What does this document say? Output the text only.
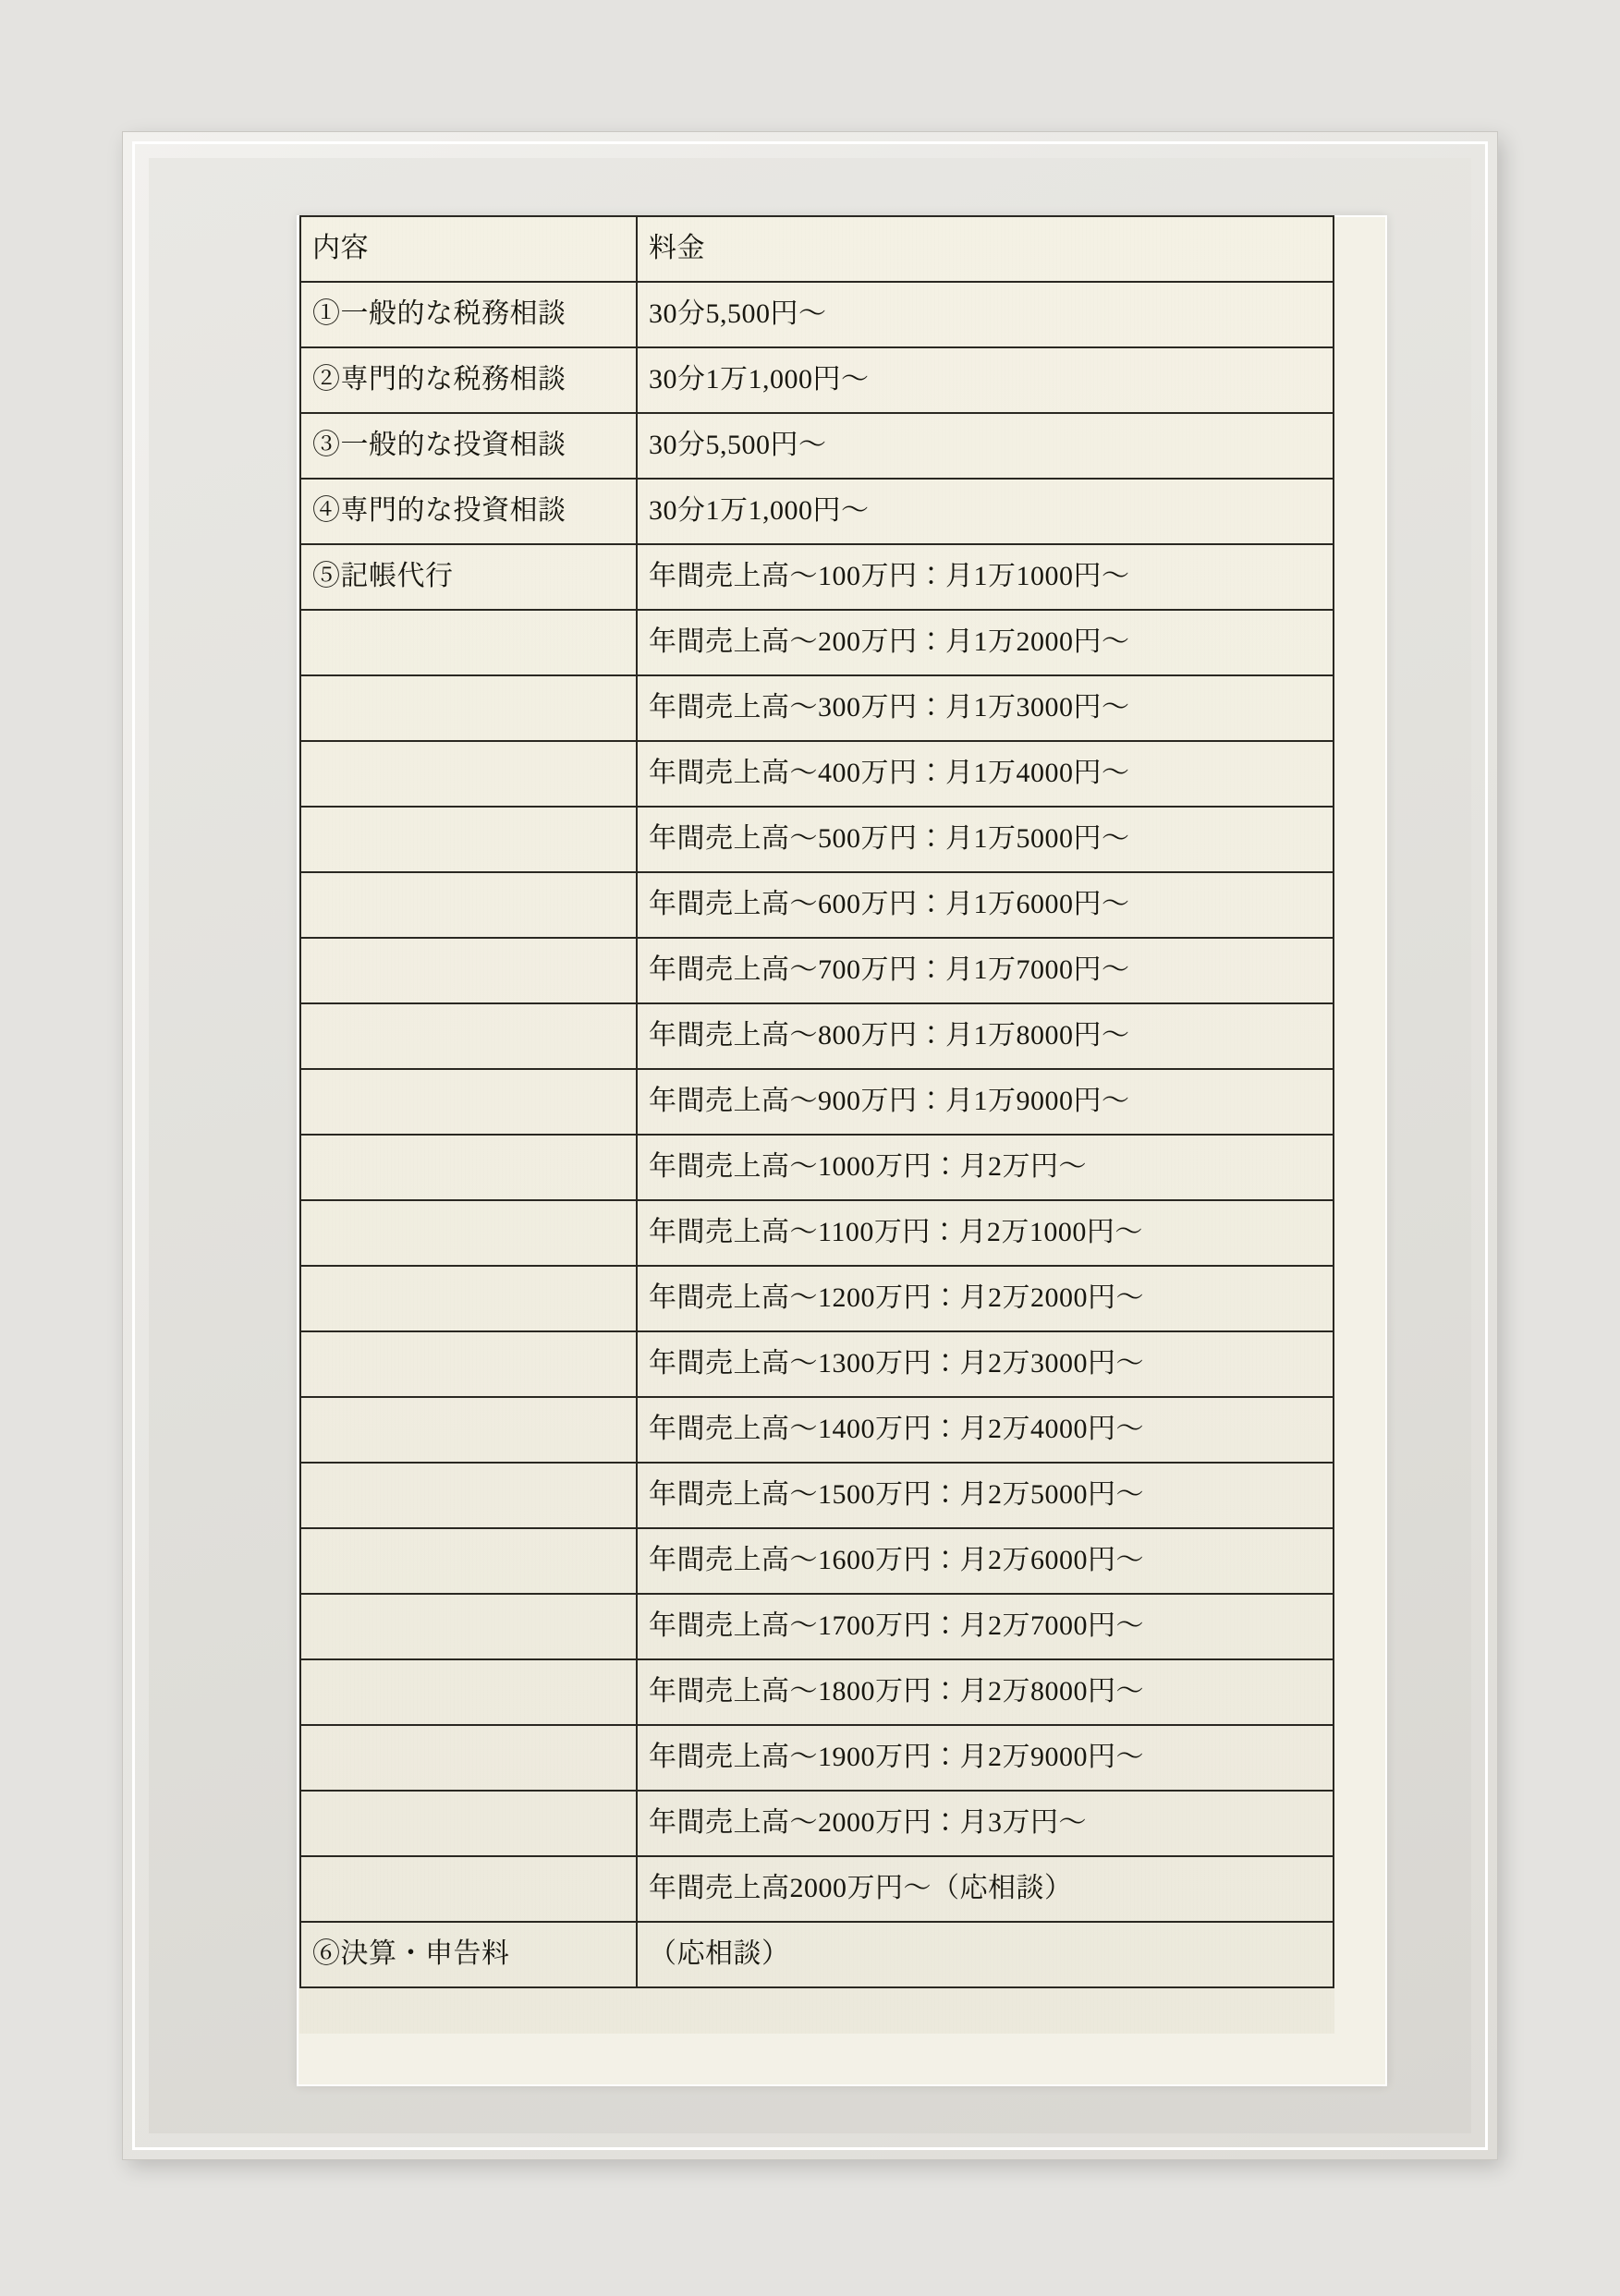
内容	料金
①一般的な税務相談	30分5,500円〜
②専門的な税務相談	30分1万1,000円〜
③一般的な投資相談	30分5,500円〜
④専門的な投資相談	30分1万1,000円〜
⑤記帳代行	年間売上高〜100万円：月1万1000円〜
	年間売上高〜200万円：月1万2000円〜
	年間売上高〜300万円：月1万3000円〜
	年間売上高〜400万円：月1万4000円〜
	年間売上高〜500万円：月1万5000円〜
	年間売上高〜600万円：月1万6000円〜
	年間売上高〜700万円：月1万7000円〜
	年間売上高〜800万円：月1万8000円〜
	年間売上高〜900万円：月1万9000円〜
	年間売上高〜1000万円：月2万円〜
	年間売上高〜1100万円：月2万1000円〜
	年間売上高〜1200万円：月2万2000円〜
	年間売上高〜1300万円：月2万3000円〜
	年間売上高〜1400万円：月2万4000円〜
	年間売上高〜1500万円：月2万5000円〜
	年間売上高〜1600万円：月2万6000円〜
	年間売上高〜1700万円：月2万7000円〜
	年間売上高〜1800万円：月2万8000円〜
	年間売上高〜1900万円：月2万9000円〜
	年間売上高〜2000万円：月3万円〜
	年間売上高2000万円〜（応相談）
⑥決算・申告料	（応相談）
